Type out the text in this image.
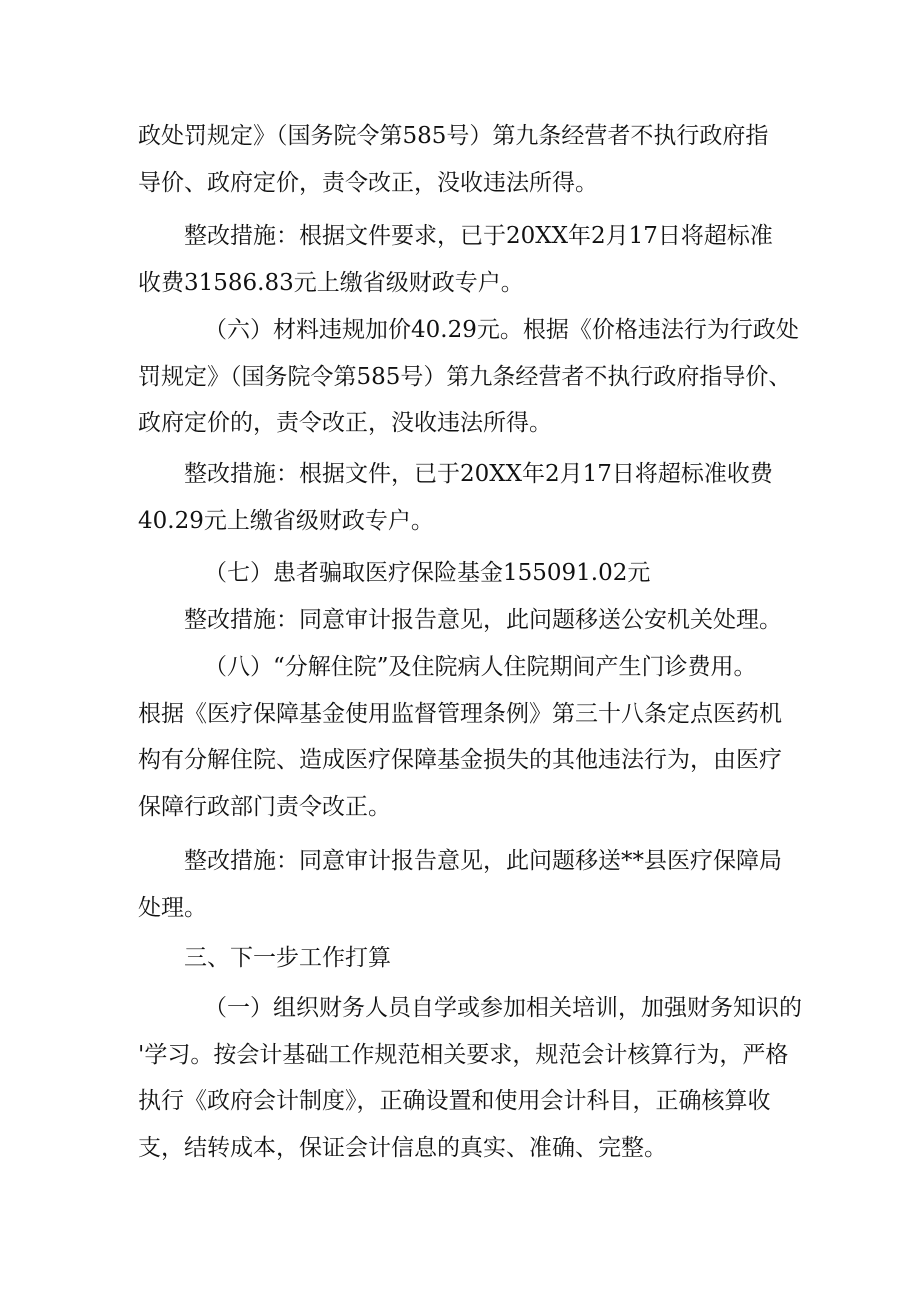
政处罚规定》（国务院令第585号）第九条经营者不执行政府指
导价、政府定价，责令改正，没收违法所得。
整改措施：根据文件要求，已于20XX年2月17日将超标准
收费31586.83元上缴省级财政专户。
（六）材料违规加价40.29元。根据《价格违法行为行政处
罚规定》（国务院令第585号）第九条经营者不执行政府指导价、
政府定价的，责令改正，没收违法所得。
整改措施：根据文件，已于20XX年2月17日将超标准收费
40.29元上缴省级财政专户。
（七）患者骗取医疗保险基金155091.02元
整改措施：同意审计报告意见，此问题移送公安机关处理。
（八）“分解住院”及住院病人住院期间产生门诊费用。
根据《医疗保障基金使用监督管理条例》第三十八条定点医药机
构有分解住院、造成医疗保障基金损失的其他违法行为，由医疗
保障行政部门责令改正。
整改措施：同意审计报告意见，此问题移送**县医疗保障局
处理。
三、下一步工作打算
（一）组织财务人员自学或参加相关培训，加强财务知识的
'学习。按会计基础工作规范相关要求，规范会计核算行为，严格
执行《政府会计制度》，正确设置和使用会计科目，正确核算收
支，结转成本，保证会计信息的真实、准确、完整。
